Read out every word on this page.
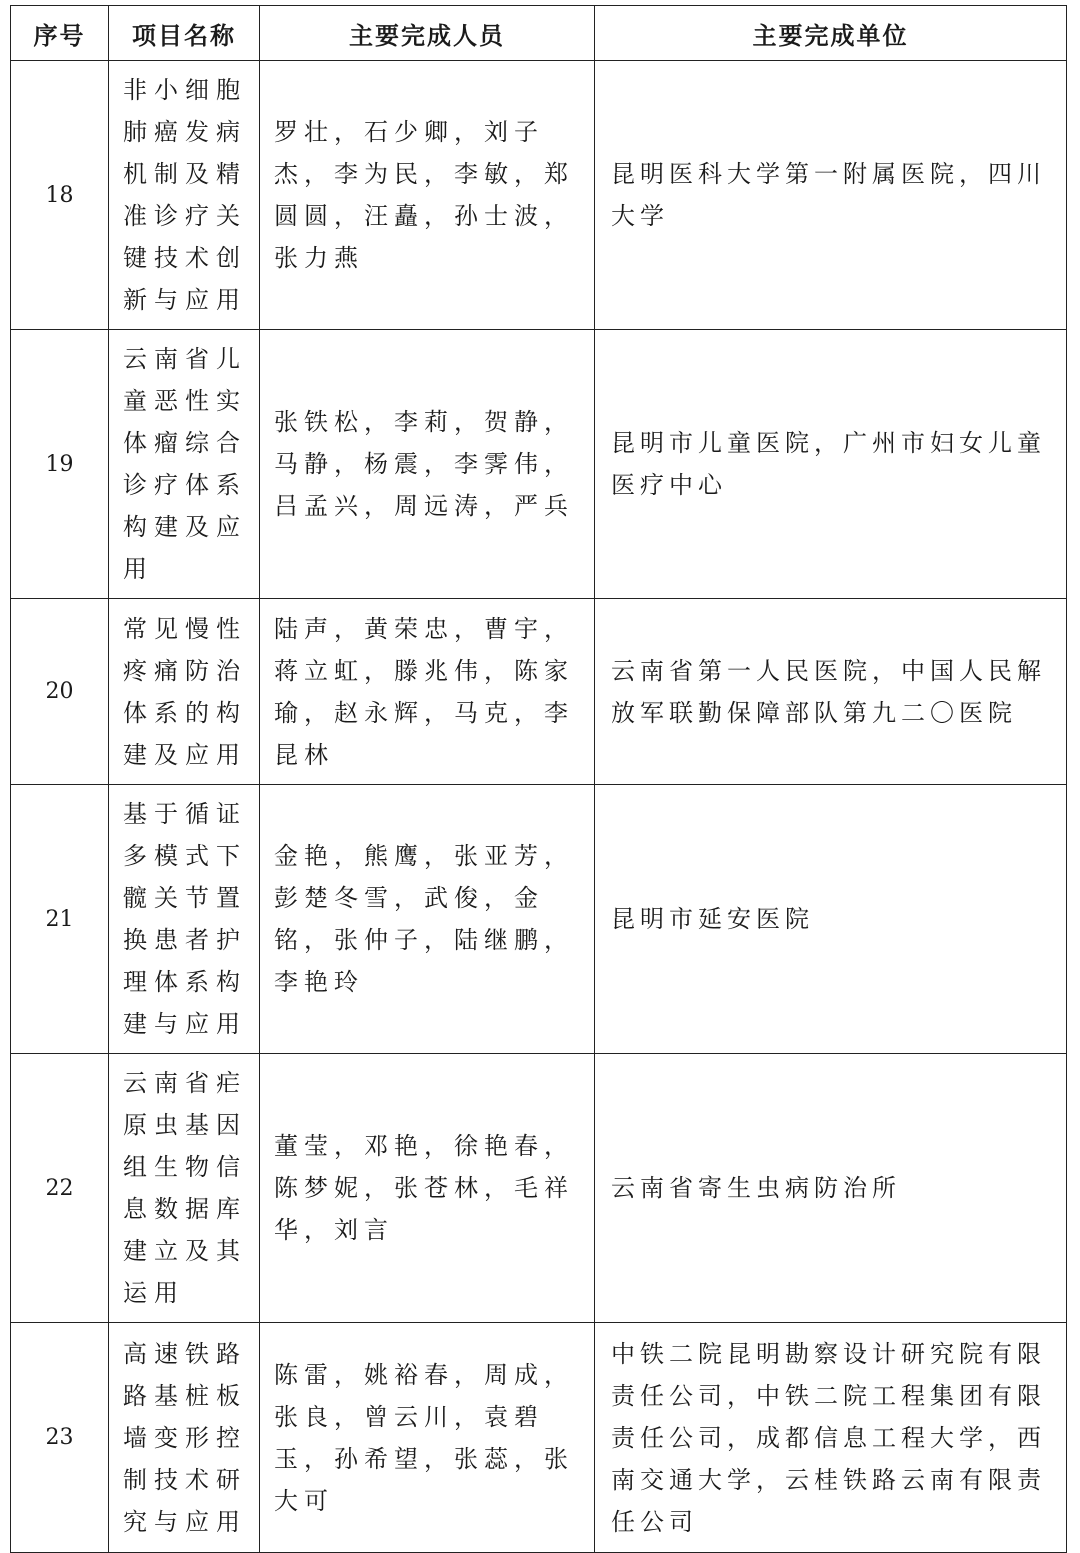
序号	项目名称	主要完成人员	主要完成单位
18	非小细胞肺癌发病机制及精准诊疗关键技术创新与应用	罗壮，石少卿，刘子杰，李为民，李敏，郑圆圆，汪矗，孙士波，张力燕	昆明医科大学第一附属医院，四川大学
19	云南省儿童恶性实体瘤综合诊疗体系构建及应用	张铁松，李莉，贺静，马静，杨震，李霁伟，吕孟兴，周远涛，严兵	昆明市儿童医院，广州市妇女儿童医疗中心
20	常见慢性疼痛防治体系的构建及应用	陆声，黄荣忠，曹宇，蒋立虹，滕兆伟，陈家瑜，赵永辉，马克，李昆林	云南省第一人民医院，中国人民解放军联勤保障部队第九二〇医院
21	基于循证多模式下髋关节置换患者护理体系构建与应用	金艳，熊鹰，张亚芳，彭楚冬雪，武俊，金铭，张仲子，陆继鹏，李艳玲	昆明市延安医院
22	云南省疟原虫基因组生物信息数据库建立及其运用	董莹，邓艳，徐艳春，陈梦妮，张苍林，毛祥华，刘言	云南省寄生虫病防治所
23	高速铁路路基桩板墙变形控制技术研究与应用	陈雷，姚裕春，周成，张良，曾云川，袁碧玉，孙希望，张蕊，张大可	中铁二院昆明勘察设计研究院有限责任公司，中铁二院工程集团有限责任公司，成都信息工程大学，西南交通大学，云桂铁路云南有限责任公司
